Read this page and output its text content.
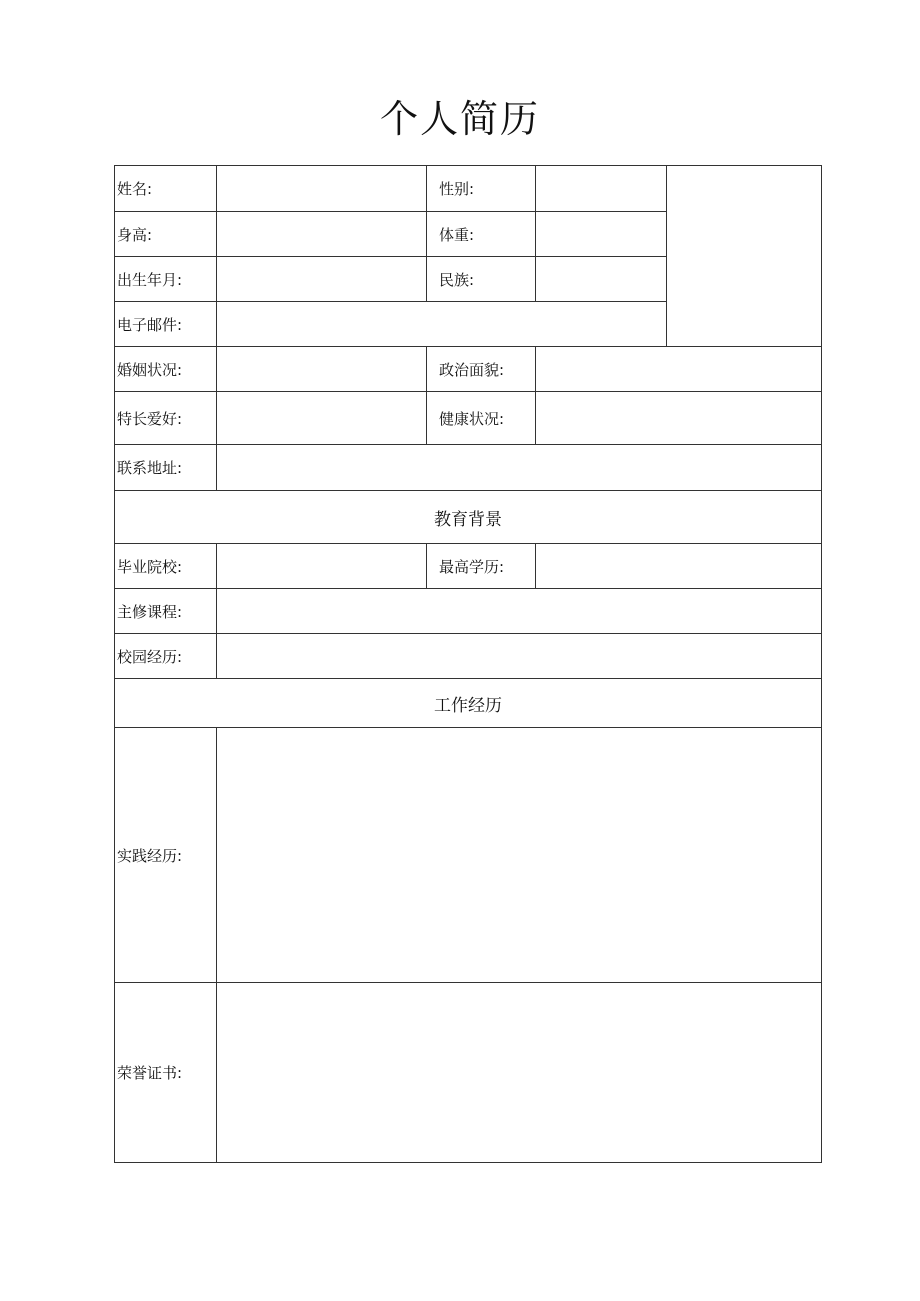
个人简历
姓名:		性别:	

身高:		体重:		

出生年月:		民族:		

电子邮件:				

婚姻状况:		政治面貌:		

特长爱好:		健康状况:		

联系地址:				

教育背景				
毕业院校:		最高学历:		

主修课程:				

校园经历:				

工作经历				
实践经历:				

荣誉证书:				
